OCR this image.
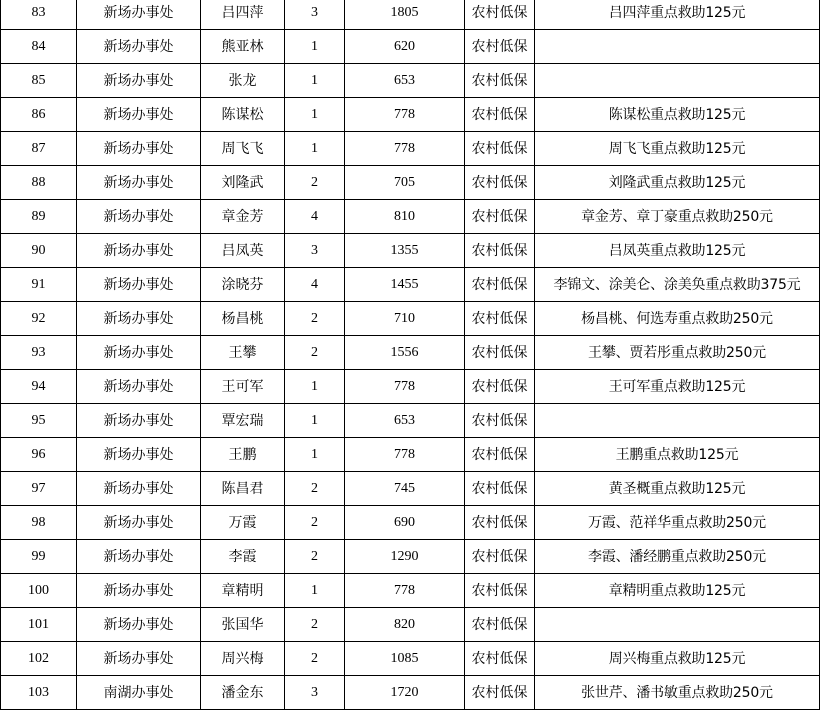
83	新场办事处	吕四萍	3	1805	农村低保	吕四萍重点救助125元
84	新场办事处	熊亚林	1	620	农村低保	
85	新场办事处	张龙	1	653	农村低保	
86	新场办事处	陈谋松	1	778	农村低保	陈谋松重点救助125元
87	新场办事处	周飞飞	1	778	农村低保	周飞飞重点救助125元
88	新场办事处	刘隆武	2	705	农村低保	刘隆武重点救助125元
89	新场办事处	章金芳	4	810	农村低保	章金芳、章丁豪重点救助250元
90	新场办事处	吕凤英	3	1355	农村低保	吕凤英重点救助125元
91	新场办事处	涂晓芬	4	1455	农村低保	李锦文、涂美仑、涂美奂重点救助375元
92	新场办事处	杨昌桃	2	710	农村低保	杨昌桃、何选寿重点救助250元
93	新场办事处	王攀	2	1556	农村低保	王攀、贾若彤重点救助250元
94	新场办事处	王可军	1	778	农村低保	王可军重点救助125元
95	新场办事处	覃宏瑞	1	653	农村低保	
96	新场办事处	王鹏	1	778	农村低保	王鹏重点救助125元
97	新场办事处	陈昌君	2	745	农村低保	黄圣概重点救助125元
98	新场办事处	万霞	2	690	农村低保	万霞、范祥华重点救助250元
99	新场办事处	李霞	2	1290	农村低保	李霞、潘经鹏重点救助250元
100	新场办事处	章精明	1	778	农村低保	章精明重点救助125元
101	新场办事处	张国华	2	820	农村低保	
102	新场办事处	周兴梅	2	1085	农村低保	周兴梅重点救助125元
103	南湖办事处	潘金东	3	1720	农村低保	张世芹、潘书敏重点救助250元
